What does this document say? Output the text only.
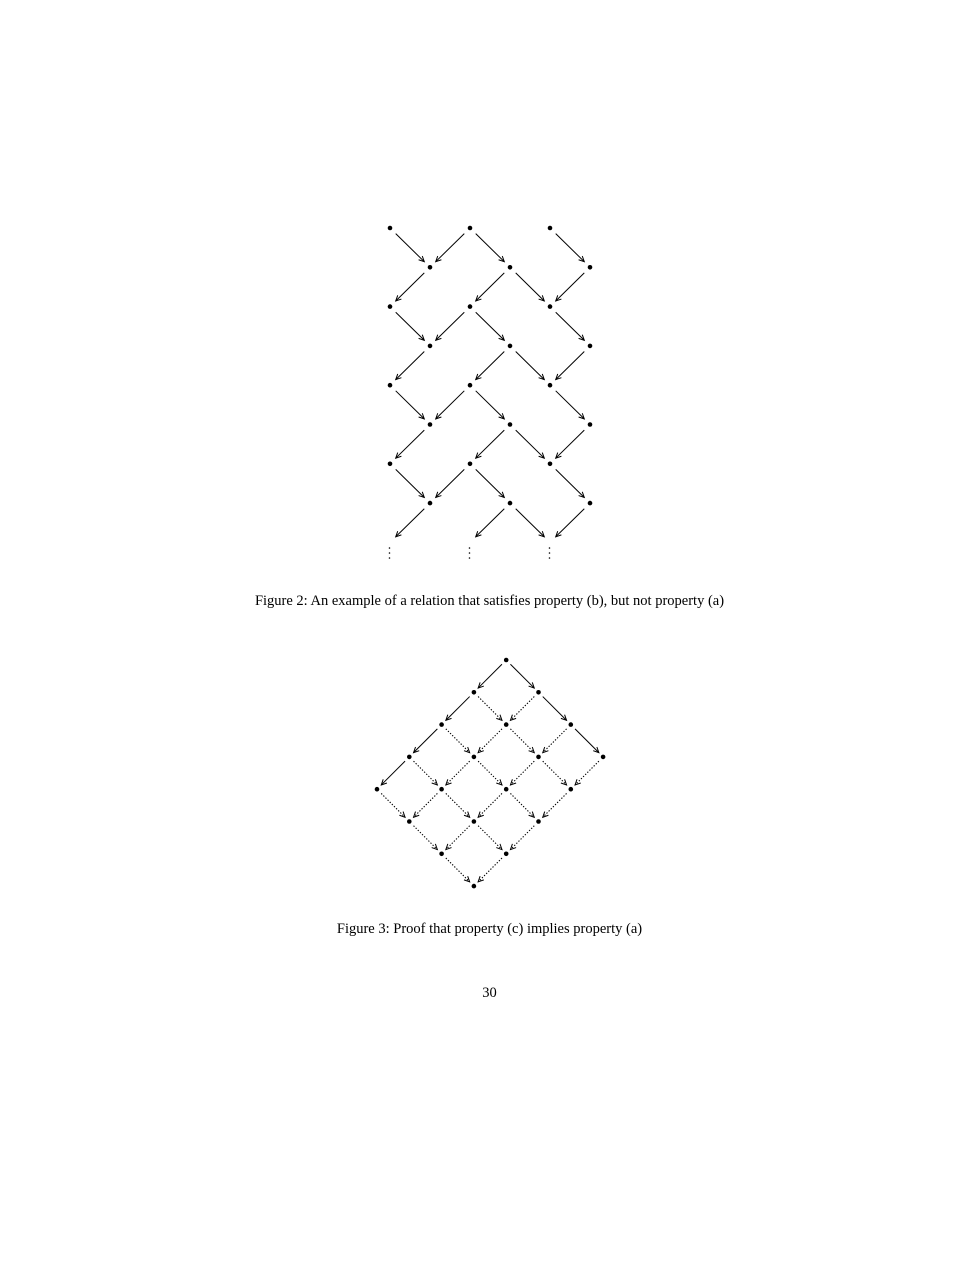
Figure 2: An example of a relation that satisfies property (b), but not property (a)
Figure 3: Proof that property (c) implies property (a)
30
